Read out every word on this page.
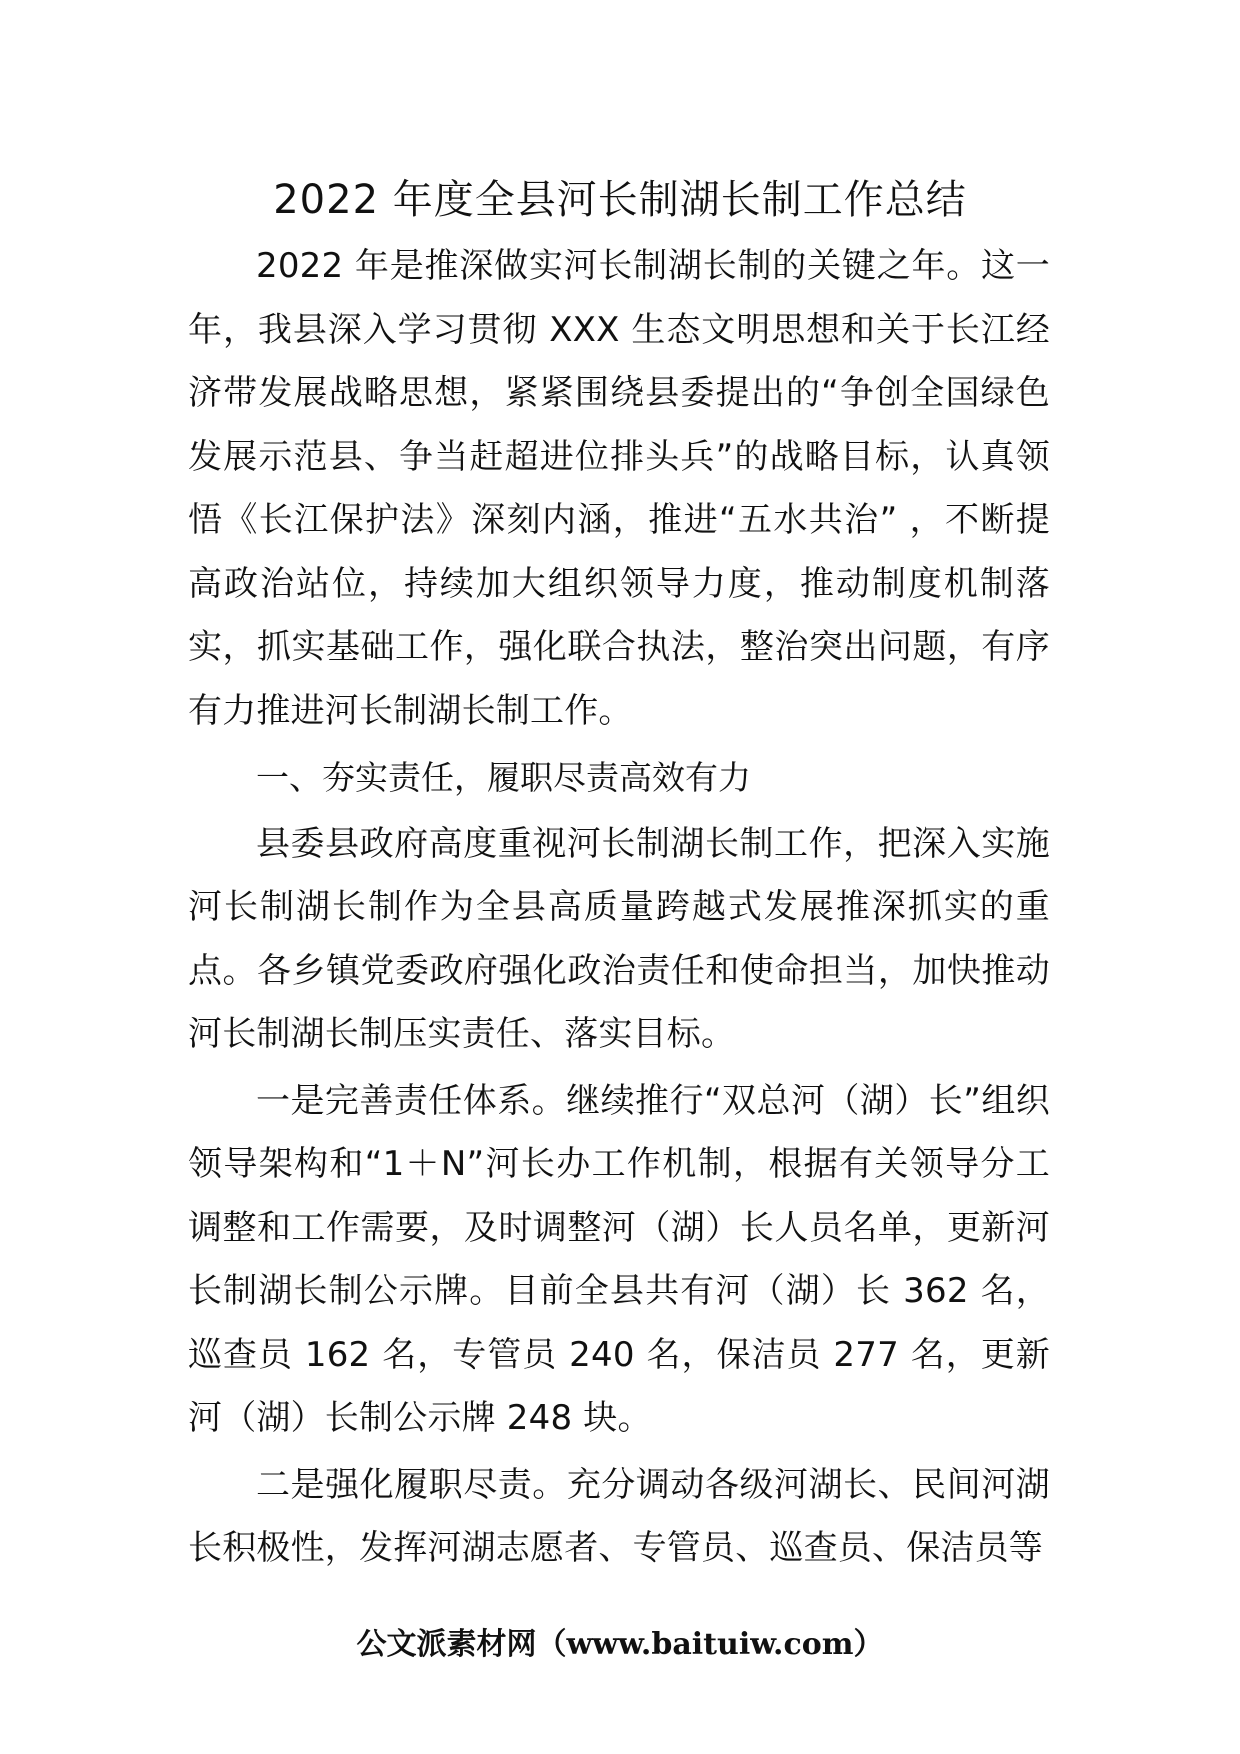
2022 年度全县河长制湖长制工作总结

2022 年是推深做实河长制湖长制的关键之年。这一年，我县深入学习贯彻 XXX 生态文明思想和关于长江经济带发展战略思想，紧紧围绕县委提出的“争创全国绿色发展示范县、争当赶超进位排头兵”的战略目标，认真领悟《长江保护法》深刻内涵，推进“五水共治” ，不断提高政治站位，持续加大组织领导力度，推动制度机制落实，抓实基础工作，强化联合执法，整治突出问题，有序有力推进河长制湖长制工作。

一、夯实责任，履职尽责高效有力

县委县政府高度重视河长制湖长制工作，把深入实施河长制湖长制作为全县高质量跨越式发展推深抓实的重点。各乡镇党委政府强化政治责任和使命担当，加快推动河长制湖长制压实责任、落实目标。

一是完善责任体系。继续推行“双总河（湖）长”组织领导架构和“1＋N”河长办工作机制，根据有关领导分工调整和工作需要，及时调整河（湖）长人员名单，更新河长制湖长制公示牌。目前全县共有河（湖）长 362 名，巡查员 162 名，专管员 240 名，保洁员 277 名，更新河（湖）长制公示牌 248 块。

二是强化履职尽责。充分调动各级河湖长、民间河湖长积极性，发挥河湖志愿者、专管员、巡查员、保洁员等

公文派素材网（www.baituiw.com）
